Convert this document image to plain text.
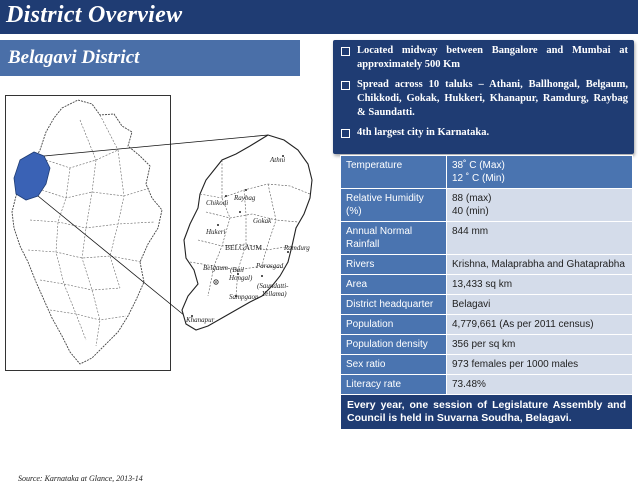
District Overview
Belagavi District	Located midway between Bangalore and Mumbai at approximately 500 Km
Spread across 10 taluks – Athani, Ballhongal, Belgaum, Chikkodi, Gokak, Hukkeri, Khanapur, Ramdurg, Raybag & Saundatti.
4th largest city in Karnataka.
Athni
Chikodi
Raybag
Gokak
Hukeri
BELGAUM	Ramdurg
Belgaum (Bail
Hongal)
Parasgad
(Saundatti-
Yellama)
Sampgaon
Khanapur
Temperature	38˚ C (Max)
12 ˚ C (Min)
Relative Humidity (%)	88 (max)
40 (min)
Annual Normal Rainfall	844 mm
Rivers	Krishna, Malaprabha and Ghataprabha
Area	13,433 sq km
District headquarter	Belagavi
Population	4,779,661 (As per 2011 census)
Population density	356 per sq km
Sex ratio	973 females per 1000 males
Literacy rate	73.48%
Every year, one session of Legislature Assembly and Council is held in Suvarna Soudha, Belagavi.	
Source: Karnataka at Glance, 2013-14
